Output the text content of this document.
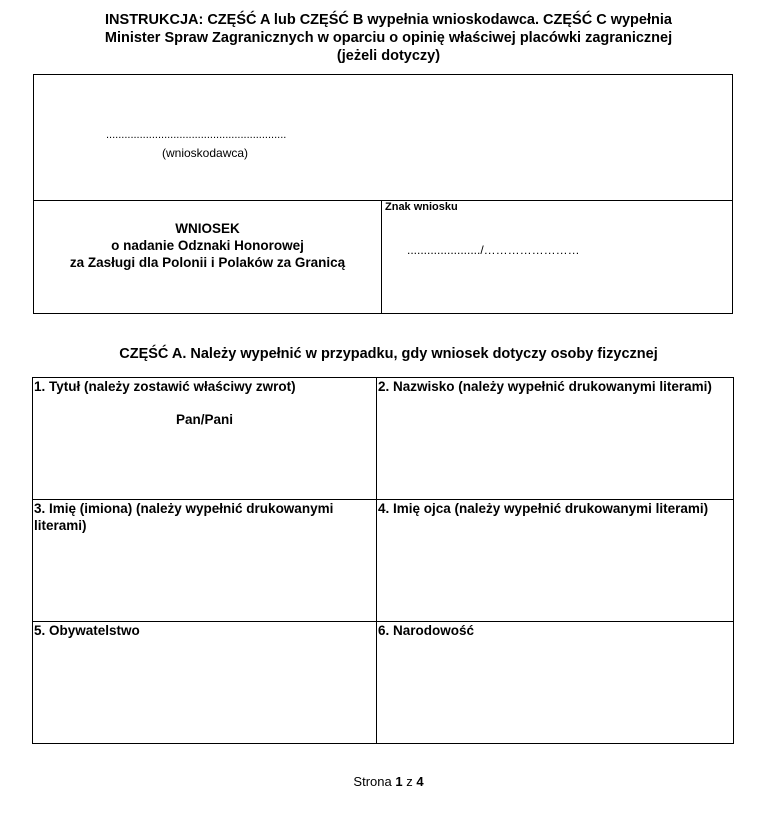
INSTRUKCJA: CZĘŚĆ A lub CZĘŚĆ B wypełnia wnioskodawca. CZĘŚĆ C wypełnia
Minister Spraw Zagranicznych w oparciu o opinię właściwej placówki zagranicznej
(jeżeli dotyczy)
...........................................................
(wnioskodawca)
WNIOSEK
o nadanie Odznaki Honorowej
za Zasługi dla Polonii i Polaków za Granicą
Znak wniosku
....................../……………………
CZĘŚĆ A. Należy wypełnić w przypadku, gdy wniosek dotyczy osoby fizycznej
1. Tytuł (należy zostawić właściwy zwrot)
Pan/Pani
2. Nazwisko (należy wypełnić drukowanymi literami)
3. Imię (imiona) (należy wypełnić drukowanymi literami)
4. Imię ojca (należy wypełnić drukowanymi literami)
5. Obywatelstwo	6. Narodowość
Strona 1 z 4
